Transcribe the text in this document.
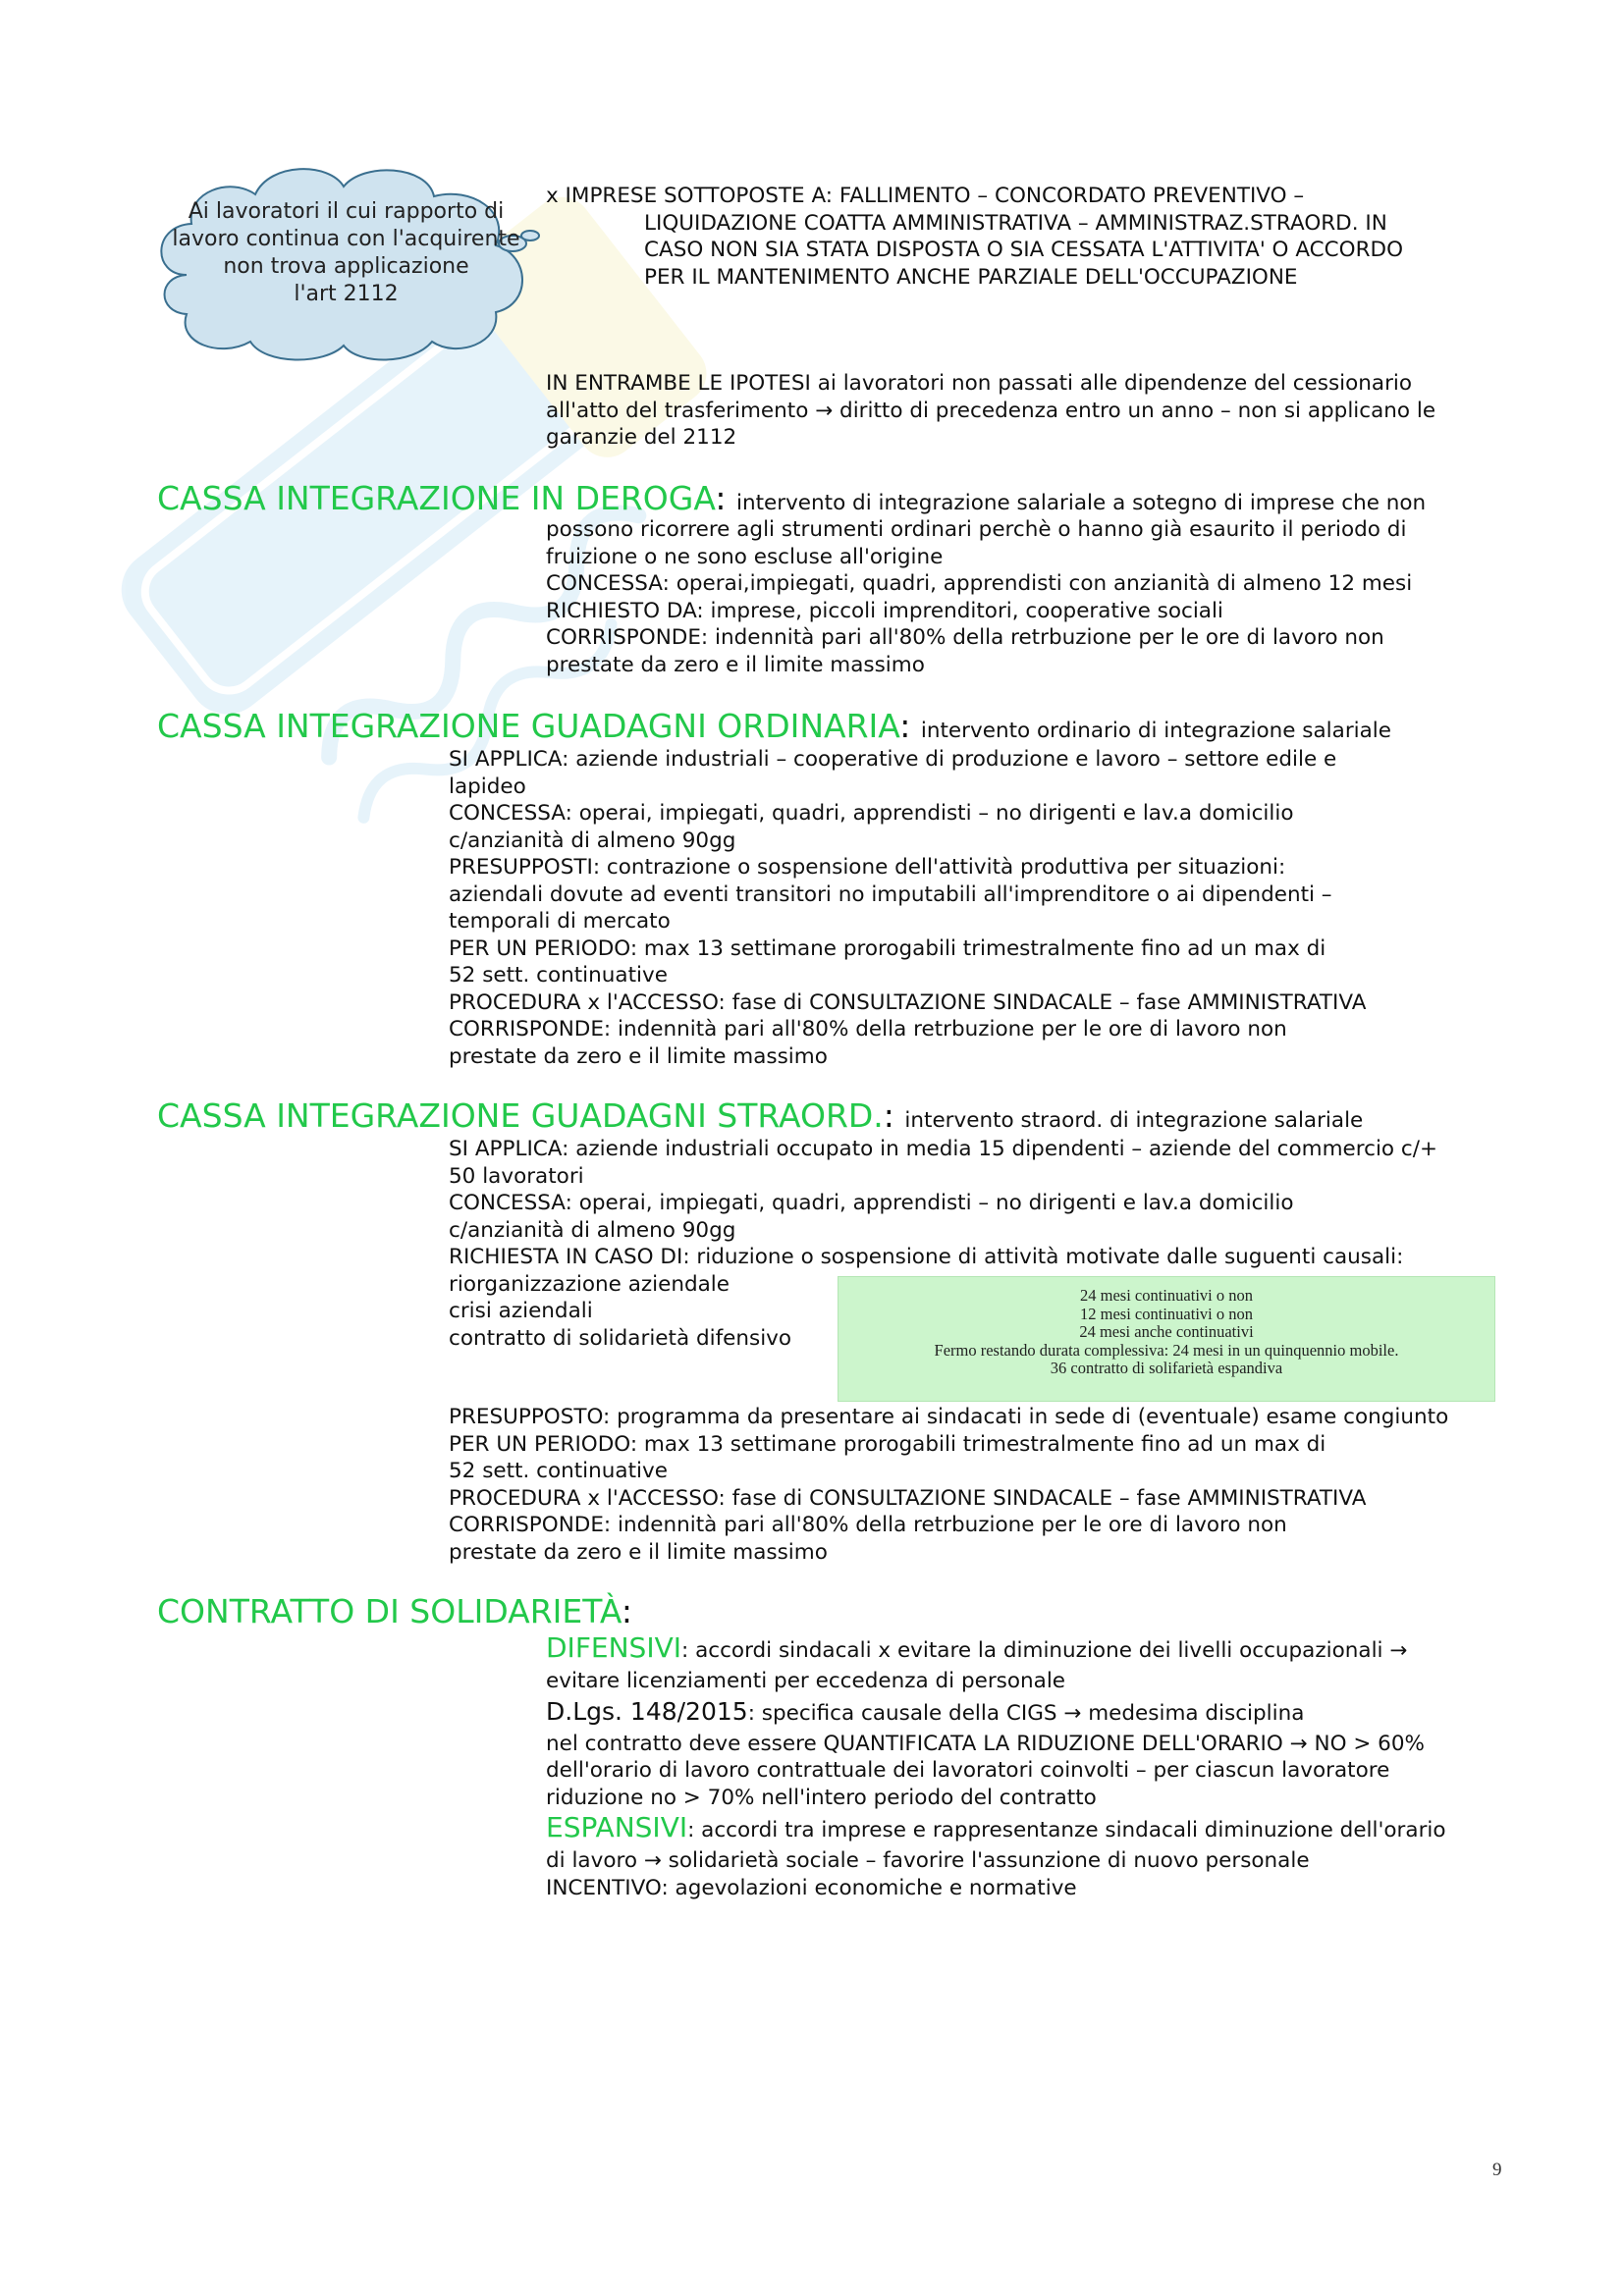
Ai lavoratori il cui rapporto di
lavoro continua con l'acquirente
non trova applicazione
l'art 2112

x IMPRESE SOTTOPOSTE A: FALLIMENTO – CONCORDATO PREVENTIVO –

LIQUIDAZIONE COATTA AMMINISTRATIVA – AMMINISTRAZ.STRAORD. IN

CASO NON SIA STATA DISPOSTA O SIA CESSATA L'ATTIVITA' O ACCORDO

PER IL MANTENIMENTO ANCHE PARZIALE DELL'OCCUPAZIONE

IN ENTRAMBE LE IPOTESI ai lavoratori non passati alle dipendenze del cessionario

all'atto del trasferimento → diritto di precedenza entro un anno – non si applicano le

garanzie del 2112

CASSA INTEGRAZIONE IN DEROGA: intervento di integrazione salariale a sotegno di imprese che non

possono ricorrere agli strumenti ordinari perchè o hanno già esaurito il periodo di

fruizione o ne sono escluse all'origine

CONCESSA: operai,impiegati, quadri, apprendisti con anzianità di almeno 12 mesi

RICHIESTO DA: imprese, piccoli imprenditori, cooperative sociali

CORRISPONDE: indennità pari all'80% della retrbuzione per le ore di lavoro non

prestate da zero e il limite massimo

CASSA INTEGRAZIONE GUADAGNI ORDINARIA: intervento ordinario di integrazione salariale

SI APPLICA: aziende industriali – cooperative di produzione e lavoro – settore edile e

lapideo

CONCESSA: operai, impiegati, quadri, apprendisti – no dirigenti e lav.a domicilio

c/anzianità di almeno 90gg

PRESUPPOSTI: contrazione o sospensione dell'attività produttiva per situazioni:

aziendali dovute ad eventi transitori no imputabili all'imprenditore o ai dipendenti –

temporali di mercato

PER UN PERIODO: max 13 settimane prorogabili trimestralmente fino ad un max di

52 sett. continuative

PROCEDURA x l'ACCESSO: fase di CONSULTAZIONE SINDACALE – fase AMMINISTRATIVA

CORRISPONDE: indennità pari all'80% della retrbuzione per le ore di lavoro non

prestate da zero e il limite massimo

CASSA INTEGRAZIONE GUADAGNI STRAORD.: intervento straord. di integrazione salariale

SI APPLICA: aziende industriali occupato in media 15 dipendenti – aziende del commercio c/+

50 lavoratori

CONCESSA: operai, impiegati, quadri, apprendisti – no dirigenti e lav.a domicilio

c/anzianità di almeno 90gg

RICHIESTA IN CASO DI: riduzione o sospensione di attività motivate dalle suguenti causali:

riorganizzazione aziendale

crisi aziendali

contratto di solidarietà difensivo

24 mesi continuativi o non
12 mesi continuativi o non
24 mesi anche continuativi
Fermo restando durata complessiva: 24 mesi in un quinquennio mobile.
36 contratto di solifarietà espandiva

PRESUPPOSTO: programma da presentare ai sindacati in sede di (eventuale) esame congiunto

PER UN PERIODO: max 13 settimane prorogabili trimestralmente fino ad un max di

52 sett. continuative

PROCEDURA x l'ACCESSO: fase di CONSULTAZIONE SINDACALE – fase AMMINISTRATIVA

CORRISPONDE: indennità pari all'80% della retrbuzione per le ore di lavoro non

prestate da zero e il limite massimo

CONTRATTO DI SOLIDARIETÀ:

DIFENSIVI: accordi sindacali x evitare la diminuzione dei livelli occupazionali →

evitare licenziamenti per eccedenza di personale

D.Lgs. 148/2015: specifica causale della CIGS → medesima disciplina

nel contratto deve essere QUANTIFICATA LA RIDUZIONE DELL'ORARIO → NO > 60%

dell'orario di lavoro contrattuale dei lavoratori coinvolti – per ciascun lavoratore

riduzione no > 70% nell'intero periodo del contratto

ESPANSIVI: accordi tra imprese e rappresentanze sindacali diminuzione dell'orario

di lavoro → solidarietà sociale – favorire l'assunzione di nuovo personale

INCENTIVO: agevolazioni economiche e normative

9
